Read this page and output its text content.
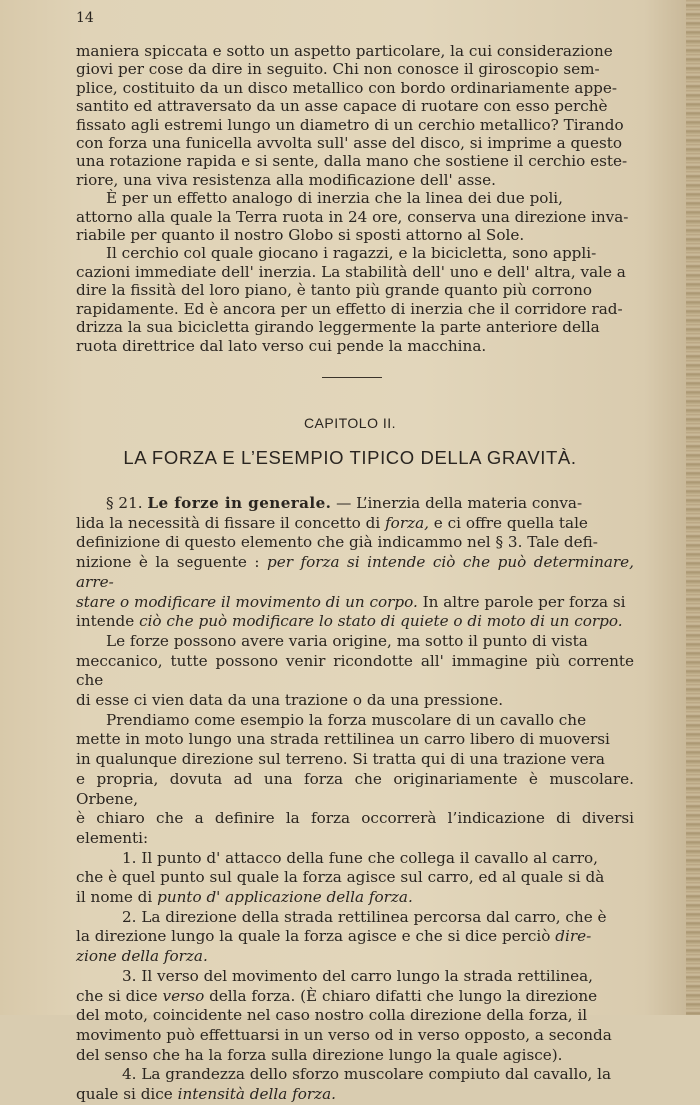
14

maniera spiccata e sotto un aspetto particolare, la cui considerazione
giovi per cose da dire in seguito. Chi non conosce il giroscopio sem-
plice, costituito da un disco metallico con bordo ordinariamente appe-
santito ed attraversato da un asse capace di ruotare con esso perchè
fissato agli estremi lungo un diametro di un cerchio metallico? Tirando
con forza una funicella avvolta sull' asse del disco, si imprime a questo
una rotazione rapida e si sente, dalla mano che sostiene il cerchio este-
riore, una viva resistenza alla modificazione dell' asse.

È per un effetto analogo di inerzia che la linea dei due poli,
attorno alla quale la Terra ruota in 24 ore, conserva una direzione inva-
riabile per quanto il nostro Globo si sposti attorno al Sole.

Il cerchio col quale giocano i ragazzi, e la bicicletta, sono appli-
cazioni immediate dell' inerzia. La stabilità dell' uno e dell' altra, vale a
dire la fissità del loro piano, è tanto più grande quanto più corrono
rapidamente. Ed è ancora per un effetto di inerzia che il corridore rad-
drizza la sua bicicletta girando leggermente la parte anteriore della
ruota direttrice dal lato verso cui pende la macchina.

CAPITOLO II.
LA FORZA E L’ESEMPIO TIPICO DELLA GRAVITÀ.

§ 21. Le forze in generale. — L’inerzia della materia conva-
lida la necessità di fissare il concetto di forza, e ci offre quella tale
definizione di questo elemento che già indicammo nel § 3. Tale defi-
nizione è la seguente : per forza si intende ciò che può determinare, arre-
stare o modificare il movimento di un corpo. In altre parole per forza si
intende ciò che può modificare lo stato di quiete o di moto di un corpo.

Le forze possono avere varia origine, ma sotto il punto di vista
meccanico, tutte possono venir ricondotte all' immagine più corrente che
di esse ci vien data da una trazione o da una pressione.

Prendiamo come esempio la forza muscolare di un cavallo che
mette in moto lungo una strada rettilinea un carro libero di muoversi
in qualunque direzione sul terreno. Si tratta qui di una trazione vera
e propria, dovuta ad una forza che originariamente è muscolare. Orbene,
è chiaro che a definire la forza occorrerà l’indicazione di diversi elementi:

1. Il punto d' attacco della fune che collega il cavallo al carro,
che è quel punto sul quale la forza agisce sul carro, ed al quale si dà
il nome di punto d' applicazione della forza.

2. La direzione della strada rettilinea percorsa dal carro, che è
la direzione lungo la quale la forza agisce e che si dice perciò dire-
zione della forza.

3. Il verso del movimento del carro lungo la strada rettilinea,
che si dice verso della forza. (È chiaro difatti che lungo la direzione
del moto, coincidente nel caso nostro colla direzione della forza, il
movimento può effettuarsi in un verso od in verso opposto, a seconda
del senso che ha la forza sulla direzione lungo la quale agisce).

4. La grandezza dello sforzo muscolare compiuto dal cavallo, la
quale si dice intensità della forza.
